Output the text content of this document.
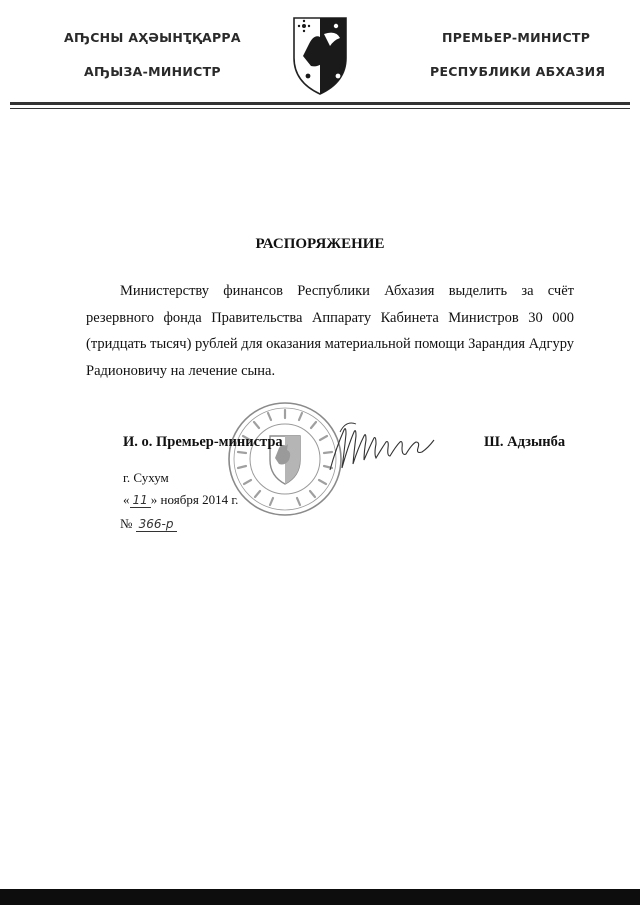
АҦСНЫ АҲӘЫНҬҚАРРА
АҦЫЗА-МИНИСТР
ПРЕМЬЕР-МИНИСТР
РЕСПУБЛИКИ АБХАЗИЯ
РАСПОРЯЖЕНИЕ
Министерству финансов Республики Абхазия выделить за счёт резервного фонда Правительства Аппарату Кабинета Министров 30 000 (тридцать тысяч) рублей для оказания материальной помощи Зарандия Адгуру Радионовичу на лечение сына.
И. о. Премьер-министра	Ш. Адзынба
г. Сухум
« 11 » ноября 2014 г.
№ 366-р
